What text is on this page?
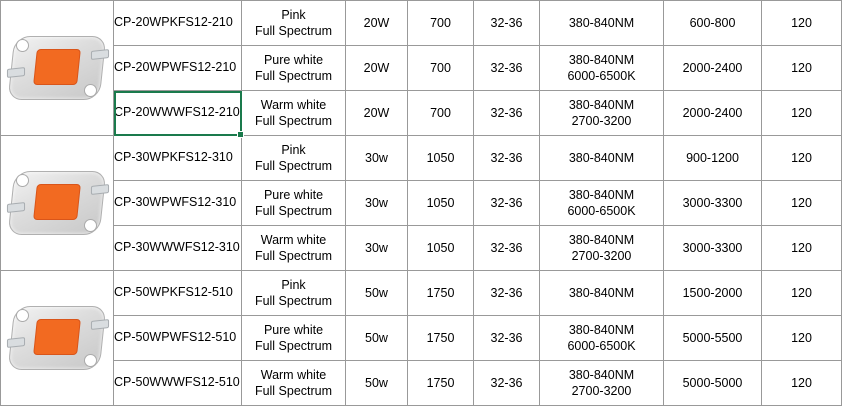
	CP-20WPKFS12-210	Pink
Full Spectrum	20W	700	32-36	380-840NM	600-800	120
	CP-20WPWFS12-210	Pure white
Full Spectrum	20W	700	32-36	380-840NM
6000-6500K	2000-2400	120
	CP-20WWWFS12-210	Warm white
Full Spectrum	20W	700	32-36	380-840NM
2700-3200	2000-2400	120

	CP-30WPKFS12-310	Pink
Full Spectrum	30w	1050	32-36	380-840NM	900-1200	120
	CP-30WPWFS12-310	Pure white
Full Spectrum	30w	1050	32-36	380-840NM
6000-6500K	3000-3300	120
	CP-30WWWFS12-310	Warm white
Full Spectrum	30w	1050	32-36	380-840NM
2700-3200	3000-3300	120

	CP-50WPKFS12-510	Pink
Full Spectrum	50w	1750	32-36	380-840NM	1500-2000	120
	CP-50WPWFS12-510	Pure white
Full Spectrum	50w	1750	32-36	380-840NM
6000-6500K	5000-5500	120
	CP-50WWWFS12-510	Warm white
Full Spectrum	50w	1750	32-36	380-840NM
2700-3200	5000-5000	120
